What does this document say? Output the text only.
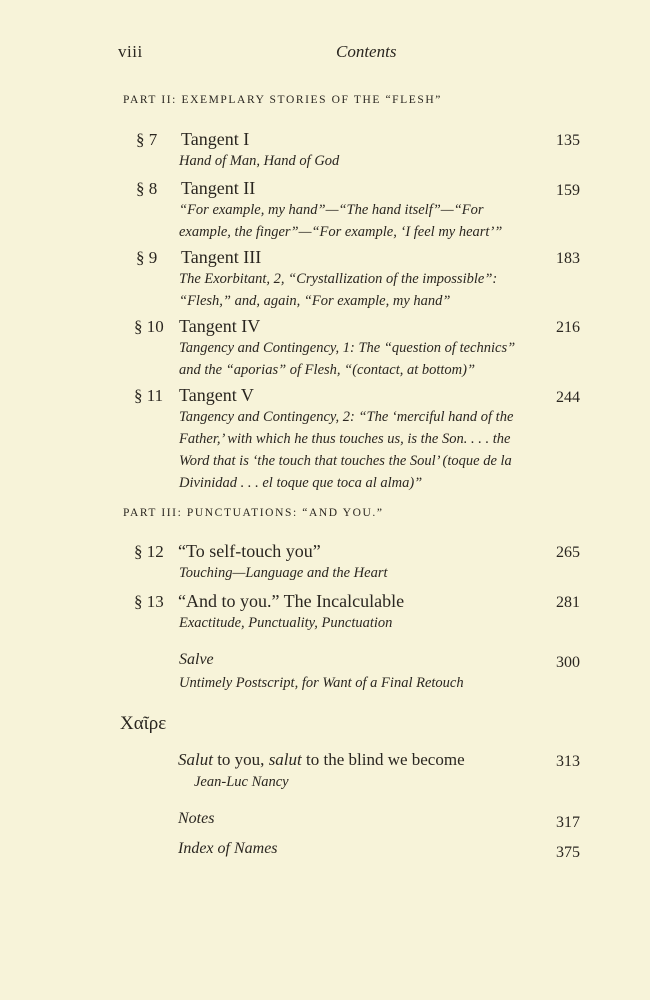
viii	Contents
PART II: EXEMPLARY STORIES OF THE “FLESH”
§ 7 Tangent I	135
Hand of Man, Hand of God
§ 8 Tangent II	159
“For example, my hand”—“The hand itself”—“For example, the finger”—“For example, ‘I feel my heart’”
§ 9 Tangent III	183
The Exorbitant, 2, “Crystallization of the impossible”: “Flesh,” and, again, “For example, my hand”
§ 10 Tangent IV	216
Tangency and Contingency, 1: The “question of technics” and the “aporias” of Flesh, “(contact, at bottom)”
§ 11 Tangent V	244
Tangency and Contingency, 2: “The ‘merciful hand of the Father,’ with which he thus touches us, is the Son. . . . the Word that is ‘the touch that touches the Soul’ (toque de la Divinidad . . . el toque que toca al alma)”
PART III: PUNCTUATIONS: “AND YOU.”
§ 12 “To self-touch you”	265
Touching—Language and the Heart
§ 13 “And to you.” The Incalculable	281
Exactitude, Punctuality, Punctuation
Salve	300
Untimely Postscript, for Want of a Final Retouch
Χαῖρε
Salut to you, salut to the blind we become	313
Jean-Luc Nancy
Notes	317
Index of Names	375
